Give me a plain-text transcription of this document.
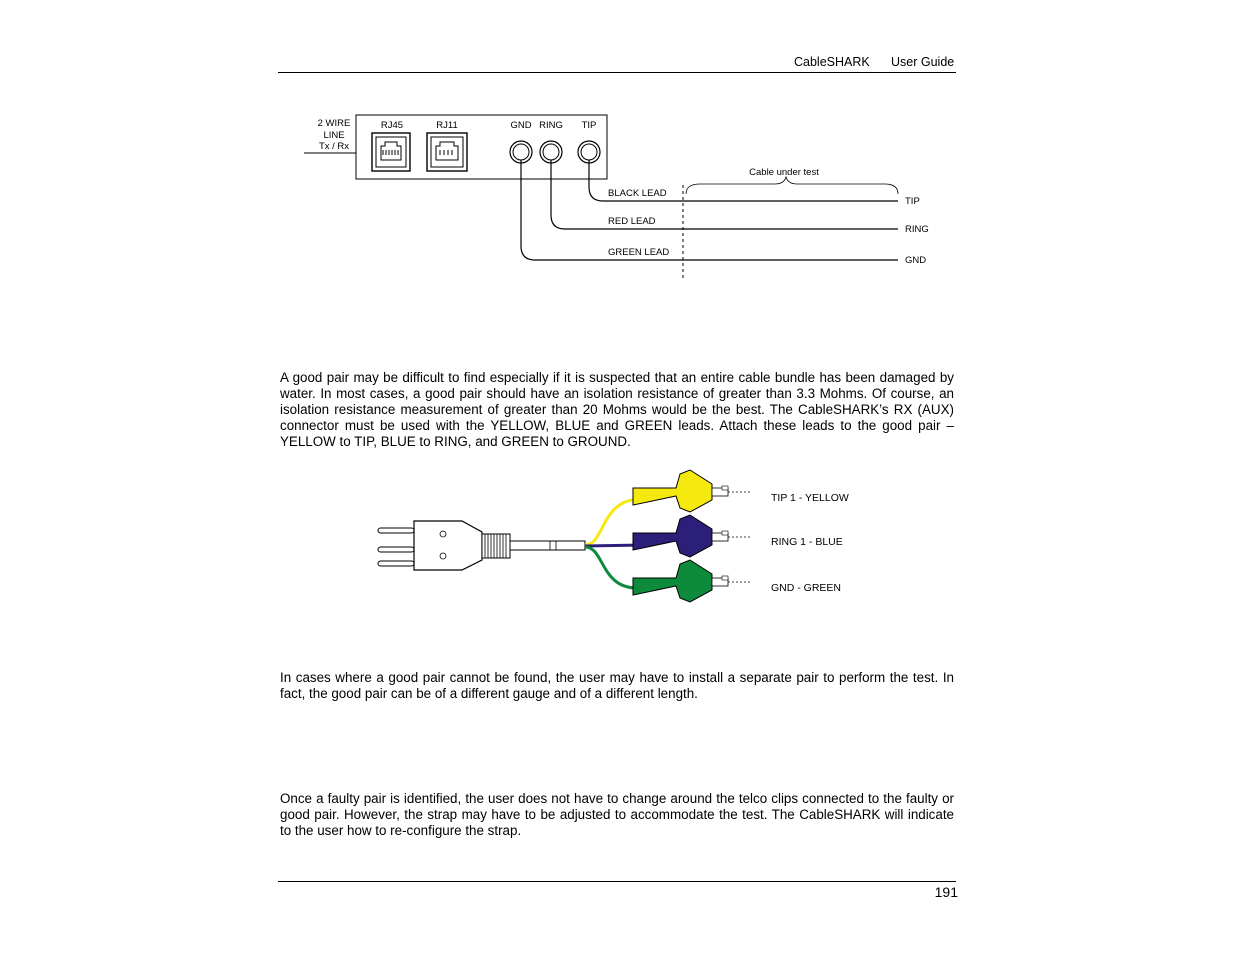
CableSHARK User Guide
2 WIRE
LINE
Tx / Rx
RJ45	RJ11	GND RING TIP
BLACK LEAD
RED LEAD
GREEN LEAD
Cable under test
TIP
RING
GND

A good pair may be difficult to find especially if it is suspected that an entire cable bundle has been damaged by water. In most cases, a good pair should have an isolation resistance of greater than 3.3 Mohms. Of course, an isolation resistance measurement of greater than 20 Mohms would be the best. The CableSHARK’s RX (AUX) connector must be used with the YELLOW, BLUE and GREEN leads. Attach these leads to the good pair – YELLOW to TIP, BLUE to RING, and GREEN to GROUND.

TIP 1 - YELLOW
RING 1 - BLUE
GND - GREEN

In cases where a good pair cannot be found, the user may have to install a separate pair to perform the test. In fact, the good pair can be of a different gauge and of a different length.

Once a faulty pair is identified, the user does not have to change around the telco clips connected to the faulty or good pair. However, the strap may have to be adjusted to accommodate the test. The CableSHARK will indicate to the user how to re-configure the strap.

191
